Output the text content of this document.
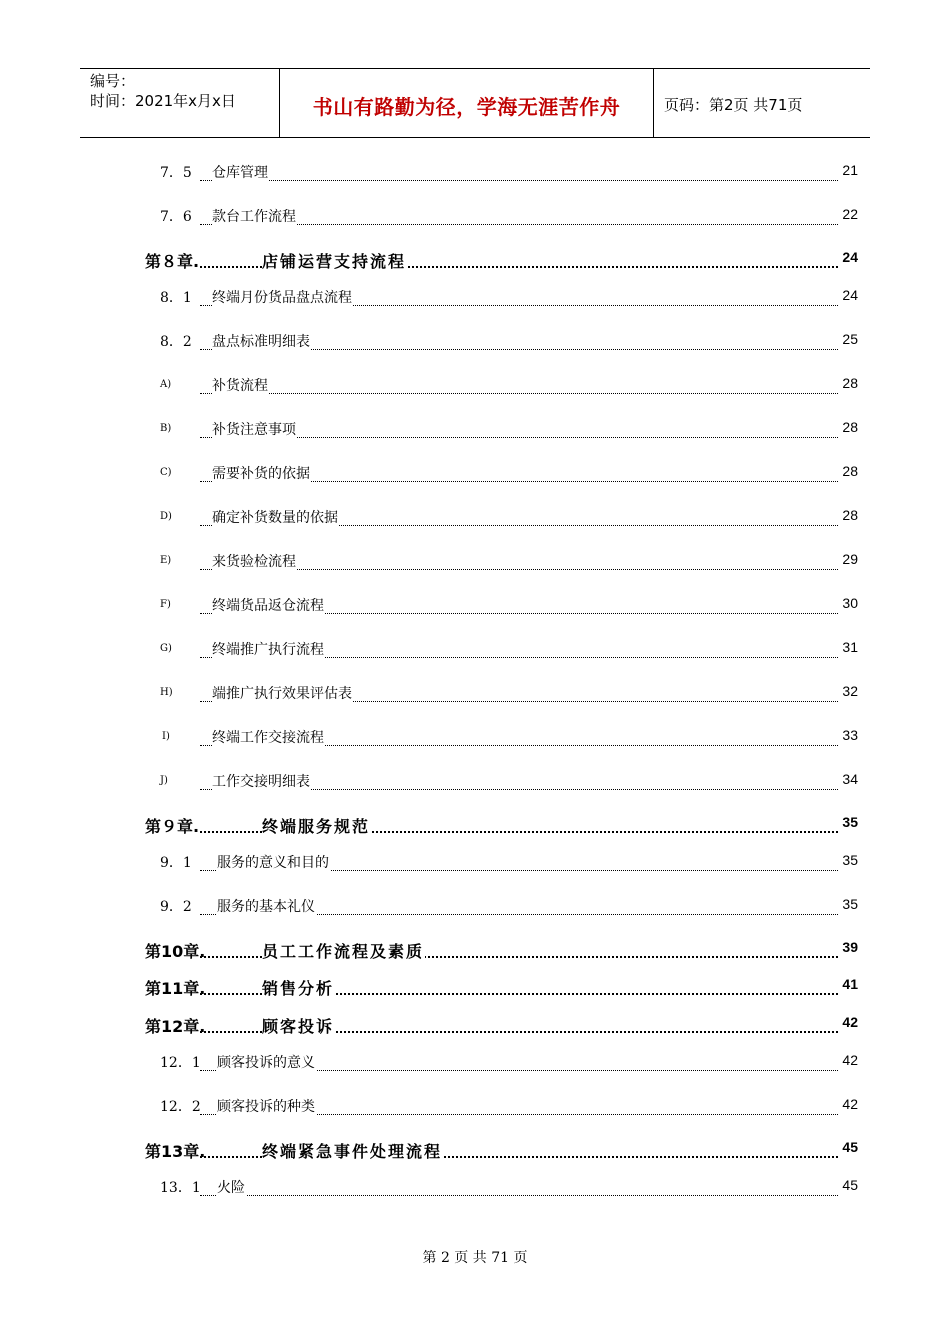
编号：
时间：2021年x月x日	书山有路勤为径，学海无涯苦作舟	页码：第2页 共71页
7．5 仓库管理	21
7．6 款台工作流程	22
第８章.	店铺运营支持流程	24
8．1 终端月份货品盘点流程	24
8．2 盘点标准明细表	25
A)	补货流程	28
B)	补货注意事项	28
C)	需要补货的依据	28
D)	确定补货数量的依据	28
E)	来货验检流程	29
F)	终端货品返仓流程	30
G)	终端推广执行流程	31
H)	端推广执行效果评估表	32
I)	终端工作交接流程	33
J)	工作交接明细表	34
第９章.	终端服务规范	35
9．1 服务的意义和目的	35
9．2 服务的基本礼仪	35
第10章.	员工工作流程及素质	39
第11章.	销售分析	41
第12章.	顾客投诉	42
12．1 顾客投诉的意义	42
12．2 顾客投诉的种类	42
第13章.	终端紧急事件处理流程	45
13．1 火险	45
第 2 页 共 71 页
